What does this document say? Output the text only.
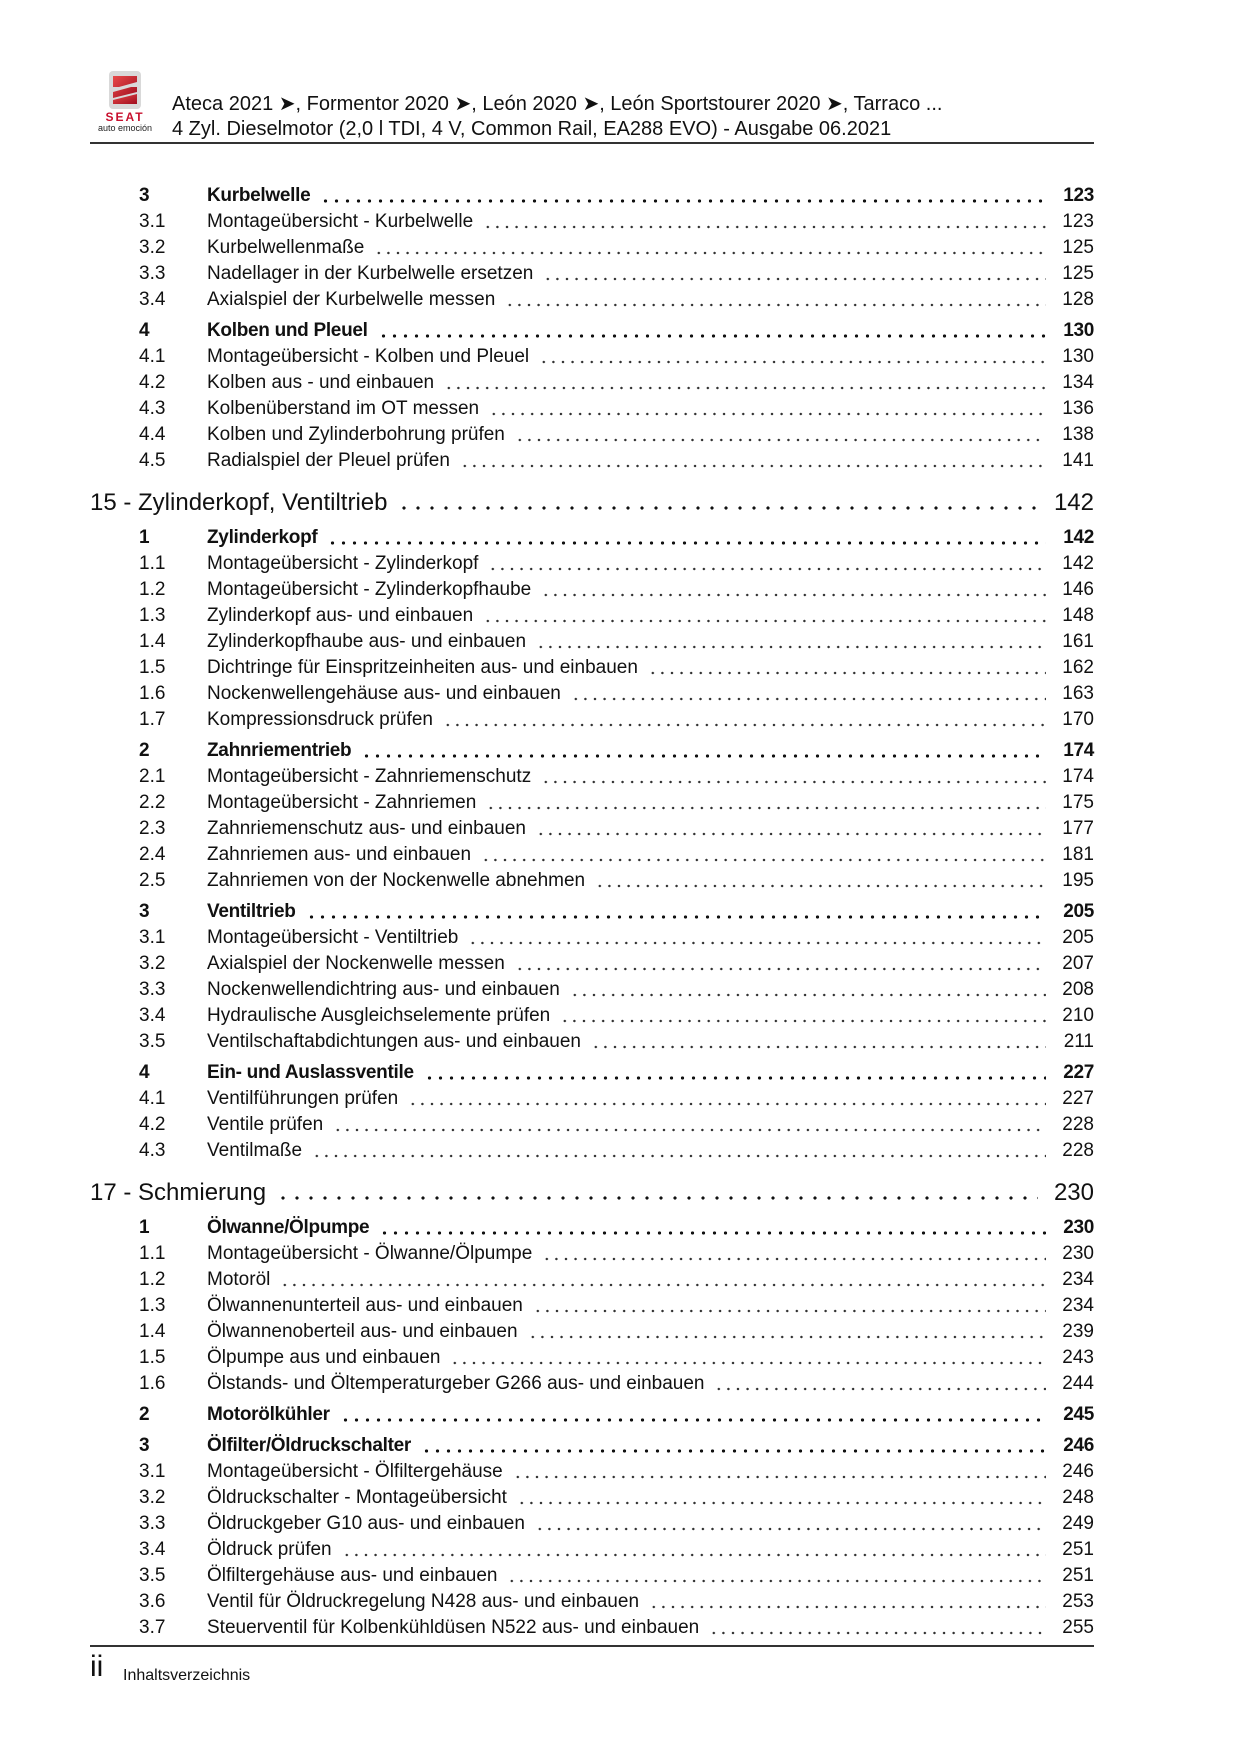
SEAT
auto emoción
Ateca 2021 ➤, Formentor 2020 ➤, León 2020 ➤, León Sportstourer 2020 ➤, Tarraco ...
4 Zyl. Dieselmotor (2,0 l TDI, 4 V, Common Rail, EA288 EVO) - Ausgabe 06.2021
3	Kurbelwelle	123
3.1	Montageübersicht - Kurbelwelle	123
3.2	Kurbelwellenmaße	125
3.3	Nadellager in der Kurbelwelle ersetzen	125
3.4	Axialspiel der Kurbelwelle messen	128
4	Kolben und Pleuel	130
4.1	Montageübersicht - Kolben und Pleuel	130
4.2	Kolben aus - und einbauen	134
4.3	Kolbenüberstand im OT messen	136
4.4	Kolben und Zylinderbohrung prüfen	138
4.5	Radialspiel der Pleuel prüfen	141
15 - Zylinderkopf, Ventiltrieb	142
1	Zylinderkopf	142
1.1	Montageübersicht - Zylinderkopf	142
1.2	Montageübersicht - Zylinderkopfhaube	146
1.3	Zylinderkopf aus- und einbauen	148
1.4	Zylinderkopfhaube aus- und einbauen	161
1.5	Dichtringe für Einspritzeinheiten aus- und einbauen	162
1.6	Nockenwellengehäuse aus- und einbauen	163
1.7	Kompressionsdruck prüfen	170
2	Zahnriementrieb	174
2.1	Montageübersicht - Zahnriemenschutz	174
2.2	Montageübersicht - Zahnriemen	175
2.3	Zahnriemenschutz aus- und einbauen	177
2.4	Zahnriemen aus- und einbauen	181
2.5	Zahnriemen von der Nockenwelle abnehmen	195
3	Ventiltrieb	205
3.1	Montageübersicht - Ventiltrieb	205
3.2	Axialspiel der Nockenwelle messen	207
3.3	Nockenwellendichtring aus- und einbauen	208
3.4	Hydraulische Ausgleichselemente prüfen	210
3.5	Ventilschaftabdichtungen aus- und einbauen	211
4	Ein- und Auslassventile	227
4.1	Ventilführungen prüfen	227
4.2	Ventile prüfen	228
4.3	Ventilmaße	228
17 - Schmierung	230
1	Ölwanne/Ölpumpe	230
1.1	Montageübersicht - Ölwanne/Ölpumpe	230
1.2	Motoröl	234
1.3	Ölwannenunterteil aus- und einbauen	234
1.4	Ölwannenoberteil aus- und einbauen	239
1.5	Ölpumpe aus und einbauen	243
1.6	Ölstands- und Öltemperaturgeber G266 aus- und einbauen	244
2	Motorölkühler	245
3	Ölfilter/Öldruckschalter	246
3.1	Montageübersicht - Ölfiltergehäuse	246
3.2	Öldruckschalter - Montageübersicht	248
3.3	Öldruckgeber G10 aus- und einbauen	249
3.4	Öldruck prüfen	251
3.5	Ölfiltergehäuse aus- und einbauen	251
3.6	Ventil für Öldruckregelung N428 aus- und einbauen	253
3.7	Steuerventil für Kolbenkühldüsen N522 aus- und einbauen	255
ii Inhaltsverzeichnis
